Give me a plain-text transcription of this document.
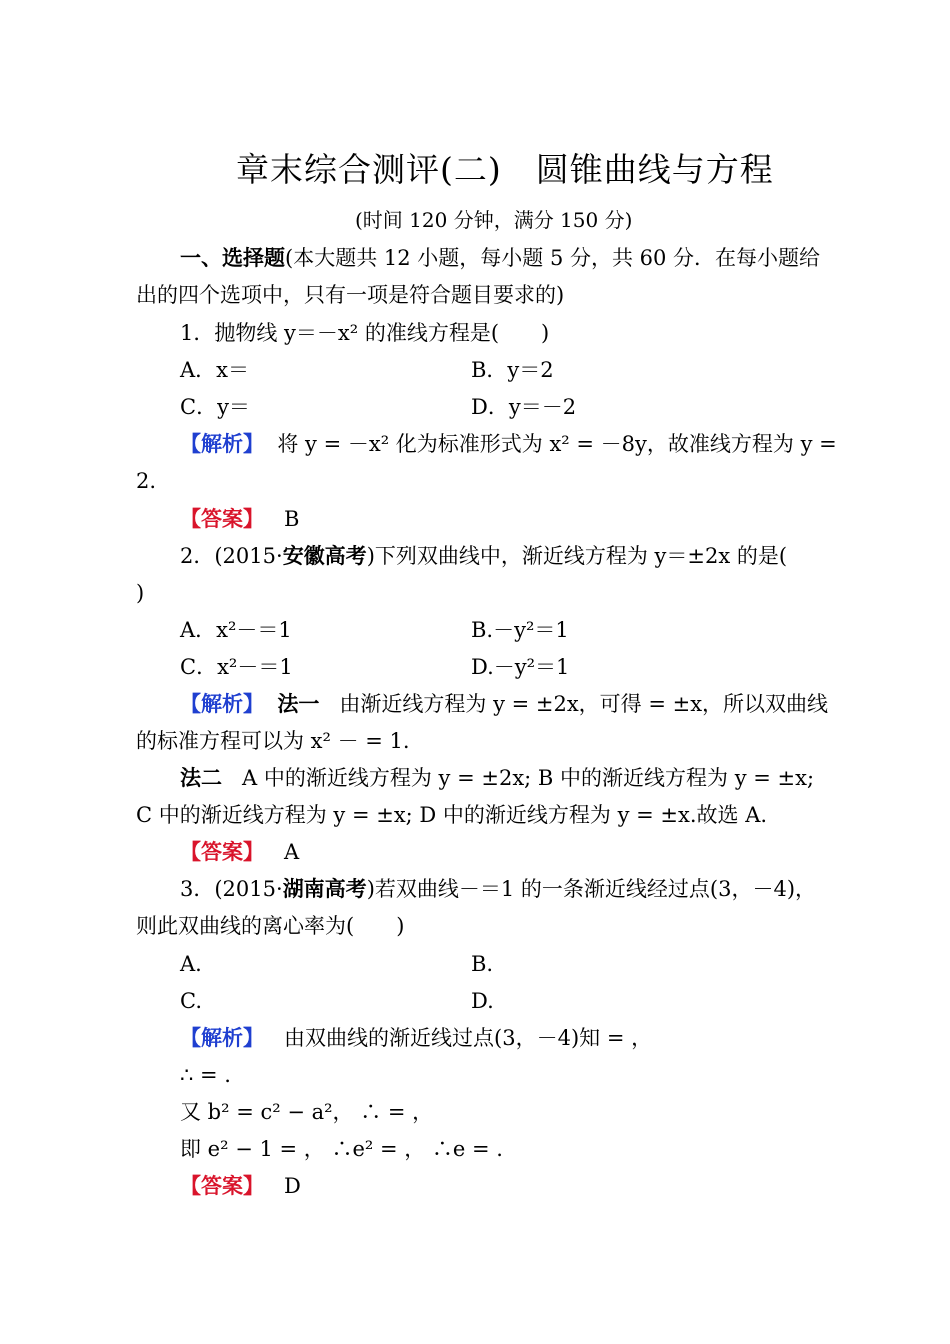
章末综合测评(二)　圆锥曲线与方程
(时间 120 分钟，满分 150 分)
一、选择题(本大题共 12 小题，每小题 5 分，共 60 分．在每小题给
出的四个选项中，只有一项是符合题目要求的)
1．抛物线 y＝－x² 的准线方程是(　　)
A．x＝	B．y＝2
C．y＝	D．y＝－2
【解析】 将 y = －x² 化为标准形式为 x² = －8y，故准线方程为 y =
2.
【答案】 B
2．(2015·安徽高考)下列双曲线中，渐近线方程为 y＝±2x 的是(
)
A．x²－＝1	B.－y²＝1
C．x²－＝1	D.－y²＝1
【解析】 法一 由渐近线方程为 y = ±2x，可得 = ±x，所以双曲线
的标准方程可以为 x² － = 1.
法二 A 中的渐近线方程为 y = ±2x; B 中的渐近线方程为 y = ±x;
C 中的渐近线方程为 y = ±x; D 中的渐近线方程为 y = ±x.故选 A.
【答案】 A
3．(2015·湖南高考)若双曲线－＝1 的一条渐近线经过点(3，－4)，
则此双曲线的离心率为(　　)
A.	B.
C.	D.
【解析】 由双曲线的渐近线过点(3，－4)知 = ，
∴ = .
又 b² = c² − a²， ∴ = ，
即 e² − 1 = ， ∴e² = ， ∴e = .
【答案】 D
